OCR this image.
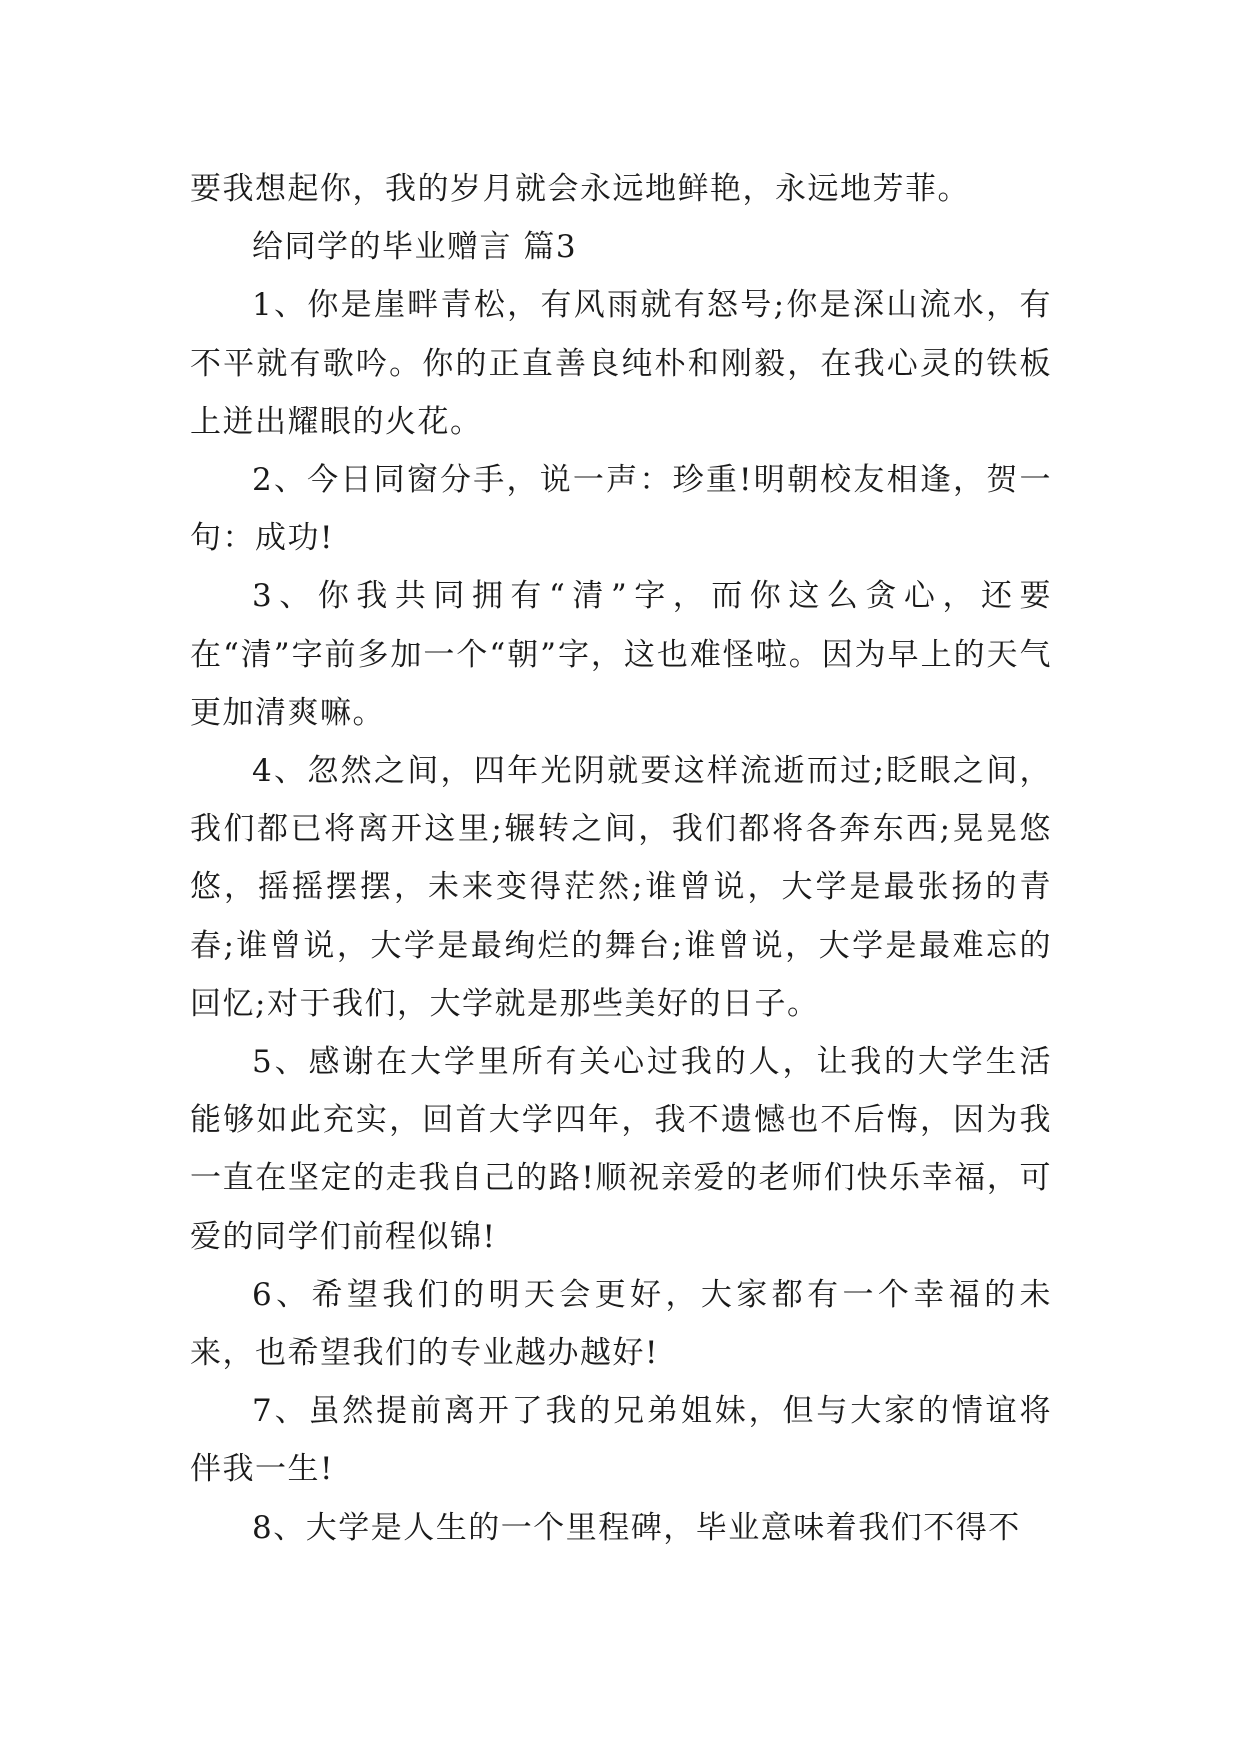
要我想起你，我的岁月就会永远地鲜艳，永远地芳菲。

给同学的毕业赠言 篇3

1、你是崖畔青松，有风雨就有怒号;你是深山流水，有不平就有歌吟。你的正直善良纯朴和刚毅，在我心灵的铁板上迸出耀眼的火花。

2、今日同窗分手，说一声：珍重!明朝校友相逢，贺一句：成功!

3、你我共同拥有“清”字，而你这么贪心，还要在“清”字前多加一个“朝”字，这也难怪啦。因为早上的天气更加清爽嘛。

4、忽然之间，四年光阴就要这样流逝而过;眨眼之间，我们都已将离开这里;辗转之间，我们都将各奔东西;晃晃悠悠，摇摇摆摆，未来变得茫然;谁曾说，大学是最张扬的青春;谁曾说，大学是最绚烂的舞台;谁曾说，大学是最难忘的回忆;对于我们，大学就是那些美好的日子。

5、感谢在大学里所有关心过我的人，让我的大学生活能够如此充实，回首大学四年，我不遗憾也不后悔，因为我一直在坚定的走我自己的路!顺祝亲爱的老师们快乐幸福，可爱的同学们前程似锦!

6、希望我们的明天会更好，大家都有一个幸福的未来，也希望我们的专业越办越好!

7、虽然提前离开了我的兄弟姐妹，但与大家的情谊将伴我一生!

8、大学是人生的一个里程碑，毕业意味着我们不得不
